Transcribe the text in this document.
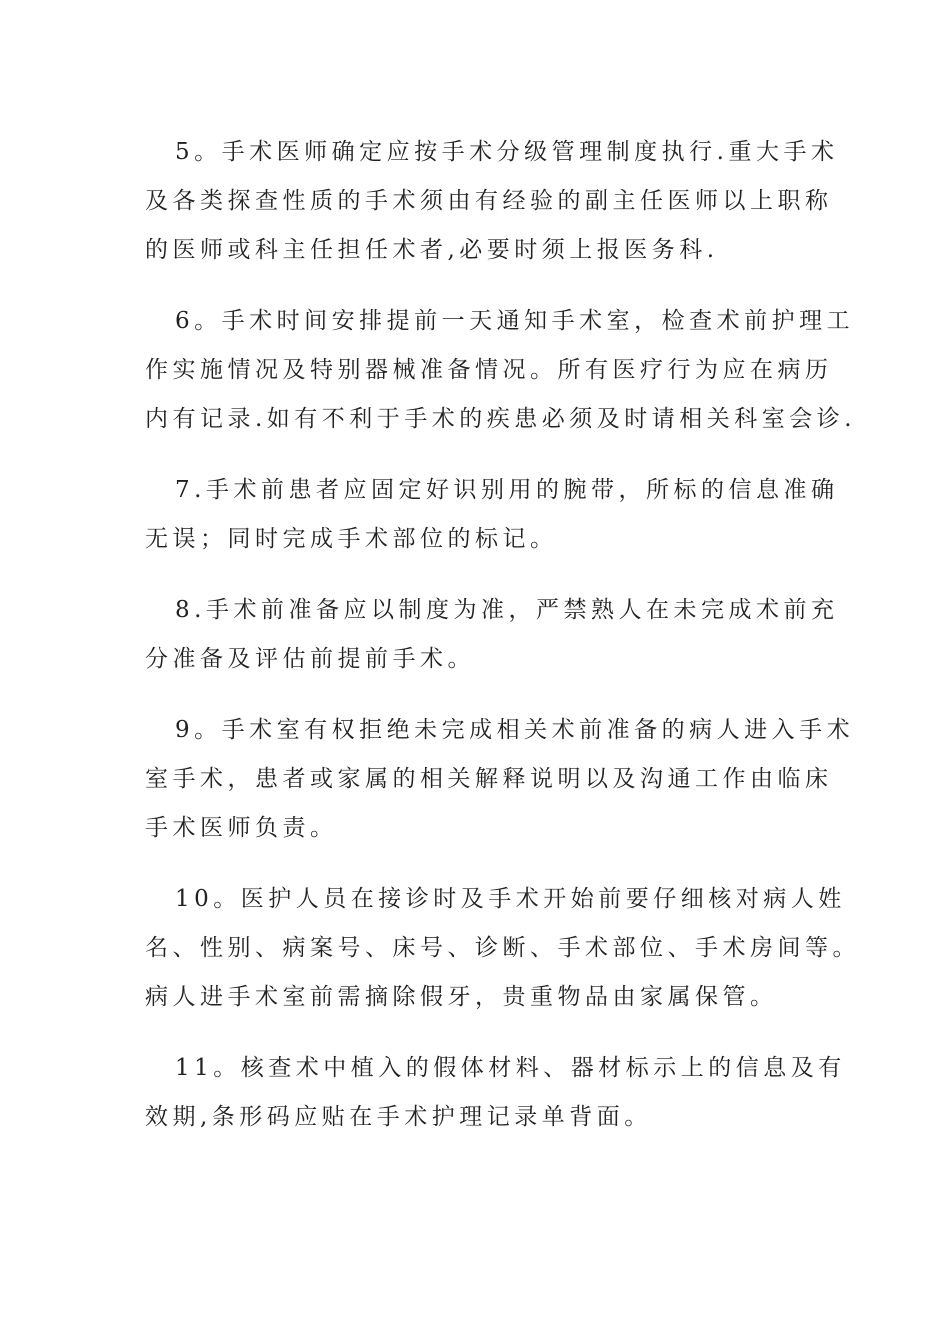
5。手术医师确定应按手术分级管理制度执行.重大手术
及各类探查性质的手术须由有经验的副主任医师以上职称
的医师或科主任担任术者,必要时须上报医务科.

6。手术时间安排提前一天通知手术室，检查术前护理工
作实施情况及特别器械准备情况。所有医疗行为应在病历
内有记录.如有不利于手术的疾患必须及时请相关科室会诊.

7.手术前患者应固定好识别用的腕带，所标的信息准确
无误；同时完成手术部位的标记。

8.手术前准备应以制度为准，严禁熟人在未完成术前充
分准备及评估前提前手术。

9。手术室有权拒绝未完成相关术前准备的病人进入手术
室手术，患者或家属的相关解释说明以及沟通工作由临床
手术医师负责。

10。医护人员在接诊时及手术开始前要仔细核对病人姓
名、性别、病案号、床号、诊断、手术部位、手术房间等。
病人进手术室前需摘除假牙，贵重物品由家属保管。

11。核查术中植入的假体材料、器材标示上的信息及有
效期,条形码应贴在手术护理记录单背面。
